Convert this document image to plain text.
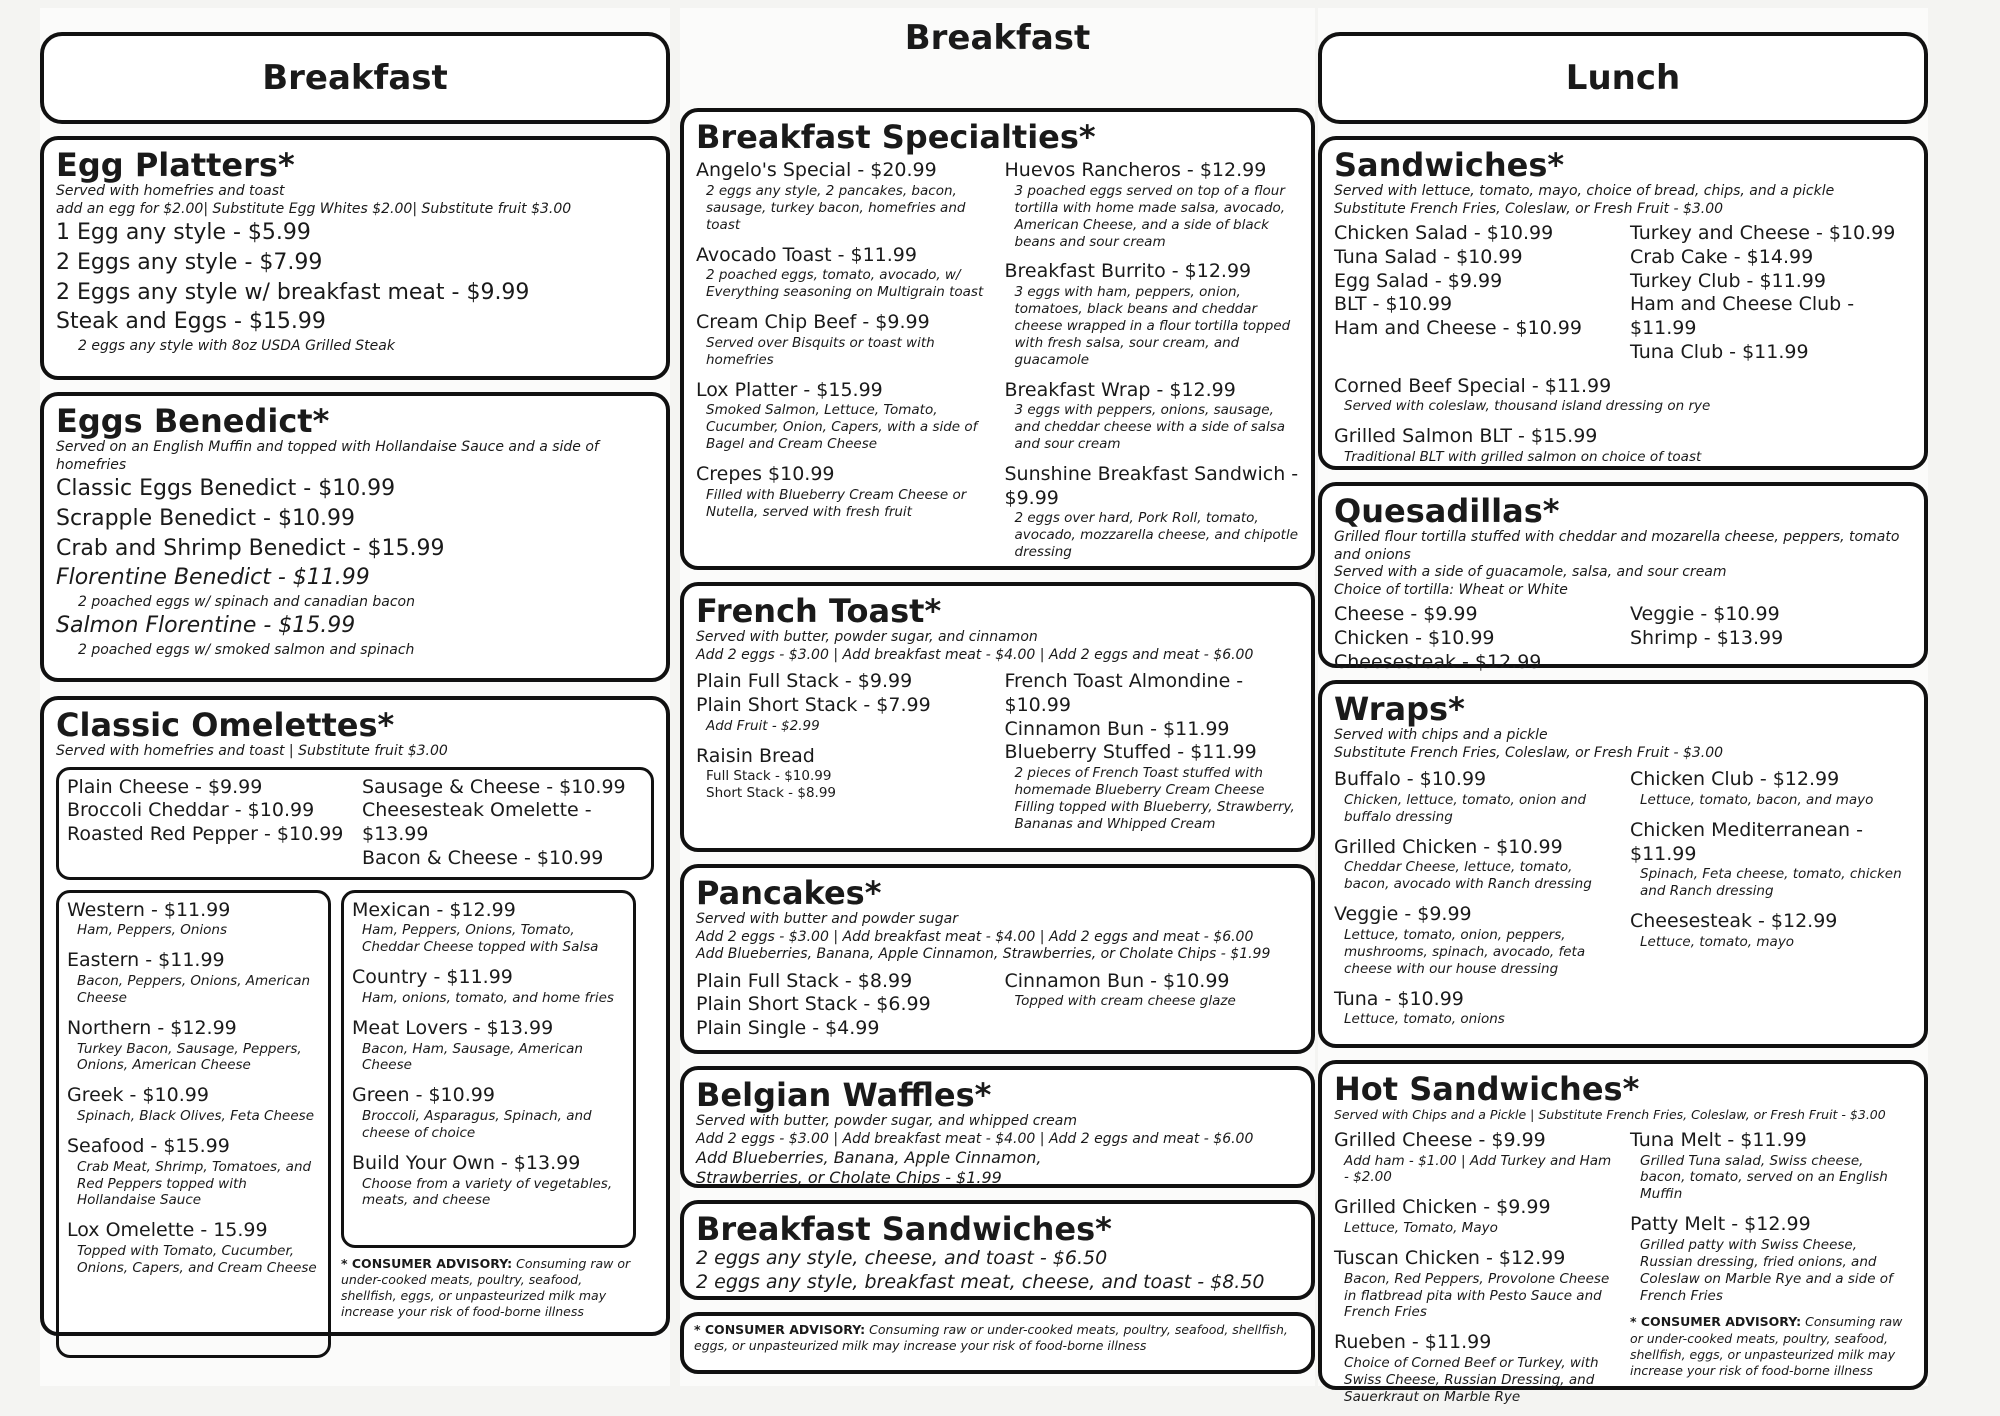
Breakfast
Egg Platters*
Served with homefries and toast
add an egg for $2.00| Substitute Egg Whites $2.00| Substitute fruit $3.00
1 Egg any style - $5.99
2 Eggs any style - $7.99
2 Eggs any style w/ breakfast meat - $9.99
Steak and Eggs - $15.99
2 eggs any style with 8oz USDA Grilled Steak
Eggs Benedict*
Served on an English Muffin and topped with Hollandaise Sauce and a side of homefries
Classic Eggs Benedict - $10.99
Scrapple Benedict - $10.99
Crab and Shrimp Benedict - $15.99
Florentine Benedict - $11.99
2 poached eggs w/ spinach and canadian bacon
Salmon Florentine - $15.99
2 poached eggs w/ smoked salmon and spinach
Classic Omelettes*
Served with homefries and toast | Substitute fruit $3.00
Plain Cheese - $9.99
Broccoli Cheddar - $10.99
Roasted Red Pepper - $10.99
Sausage & Cheese - $10.99
Cheesesteak Omelette - $13.99
Bacon & Cheese - $10.99
Western - $11.99
Ham, Peppers, Onions
Eastern - $11.99
Bacon, Peppers, Onions, American Cheese
Northern - $12.99
Turkey Bacon, Sausage, Peppers, Onions, American Cheese
Greek - $10.99
Spinach, Black Olives, Feta Cheese
Seafood - $15.99
Crab Meat, Shrimp, Tomatoes, and Red Peppers topped with Hollandaise Sauce
Lox Omelette - 15.99
Topped with Tomato, Cucumber, Onions, Capers, and Cream Cheese
Mexican - $12.99
Ham, Peppers, Onions, Tomato, Cheddar Cheese topped with Salsa
Country - $11.99
Ham, onions, tomato, and home fries
Meat Lovers - $13.99
Bacon, Ham, Sausage, American Cheese
Green - $10.99
Broccoli, Asparagus, Spinach, and cheese of choice
Build Your Own - $13.99
Choose from a variety of vegetables, meats, and cheese
* CONSUMER ADVISORY: Consuming raw or under-cooked meats, poultry, seafood, shellfish, eggs, or unpasteurized milk may increase your risk of food-borne illness
Breakfast
Breakfast Specialties*
Angelo's Special - $20.99
2 eggs any style, 2 pancakes, bacon, sausage, turkey bacon, homefries and toast
Avocado Toast - $11.99
2 poached eggs, tomato, avocado, w/ Everything seasoning on Multigrain toast
Cream Chip Beef - $9.99
Served over Bisquits or toast with homefries
Lox Platter - $15.99
Smoked Salmon, Lettuce, Tomato, Cucumber, Onion, Capers, with a side of Bagel and Cream Cheese
Crepes $10.99
Filled with Blueberry Cream Cheese or Nutella, served with fresh fruit
Huevos Rancheros - $12.99
3 poached eggs served on top of a flour tortilla with home made salsa, avocado, American Cheese, and a side of black beans and sour cream
Breakfast Burrito - $12.99
3 eggs with ham, peppers, onion, tomatoes, black beans and cheddar cheese wrapped in a flour tortilla topped with fresh salsa, sour cream, and guacamole
Breakfast Wrap - $12.99
3 eggs with peppers, onions, sausage, and cheddar cheese with a side of salsa and sour cream
Sunshine Breakfast Sandwich - $9.99
2 eggs over hard, Pork Roll, tomato, avocado, mozzarella cheese, and chipotle dressing
French Toast*
Served with butter, powder sugar, and cinnamon
Add 2 eggs - $3.00 | Add breakfast meat - $4.00 | Add 2 eggs and meat - $6.00
Plain Full Stack - $9.99
Plain Short Stack - $7.99
Add Fruit - $2.99
Raisin Bread
Full Stack - $10.99
Short Stack - $8.99
French Toast Almondine - $10.99
Cinnamon Bun - $11.99
Blueberry Stuffed - $11.99
2 pieces of French Toast stuffed with homemade Blueberry Cream Cheese Filling topped with Blueberry, Strawberry, Bananas and Whipped Cream
Pancakes*
Served with butter and powder sugar
Add 2 eggs - $3.00 | Add breakfast meat - $4.00 | Add 2 eggs and meat - $6.00
Add Blueberries, Banana, Apple Cinnamon, Strawberries, or Cholate Chips - $1.99
Plain Full Stack - $8.99
Plain Short Stack - $6.99
Plain Single - $4.99
Cinnamon Bun - $10.99
Topped with cream cheese glaze
Belgian Waffles*
Served with butter, powder sugar, and whipped cream
Add 2 eggs - $3.00 | Add breakfast meat - $4.00 | Add 2 eggs and meat - $6.00
Add Blueberries, Banana, Apple Cinnamon,
Strawberries, or Cholate Chips - $1.99
Breakfast Sandwiches*
2 eggs any style, cheese, and toast - $6.50
2 eggs any style, breakfast meat, cheese, and toast - $8.50
* CONSUMER ADVISORY: Consuming raw or under-cooked meats, poultry, seafood, shellfish, eggs, or unpasteurized milk may increase your risk of food-borne illness
Lunch
Sandwiches*
Served with lettuce, tomato, mayo, choice of bread, chips, and a pickle
Substitute French Fries, Coleslaw, or Fresh Fruit - $3.00
Chicken Salad - $10.99
Tuna Salad - $10.99
Egg Salad - $9.99
BLT - $10.99
Ham and Cheese - $10.99
Turkey and Cheese - $10.99
Crab Cake - $14.99
Turkey Club - $11.99
Ham and Cheese Club - $11.99
Tuna Club - $11.99
Corned Beef Special - $11.99
Served with coleslaw, thousand island dressing on rye
Grilled Salmon BLT - $15.99
Traditional BLT with grilled salmon on choice of toast
Quesadillas*
Grilled flour tortilla stuffed with cheddar and mozarella cheese, peppers, tomato and onions
Served with a side of guacamole, salsa, and sour cream
Choice of tortilla: Wheat or White
Cheese - $9.99
Chicken - $10.99
Cheesesteak - $12.99
Veggie - $10.99
Shrimp - $13.99
Wraps*
Served with chips and a pickle
Substitute French Fries, Coleslaw, or Fresh Fruit - $3.00
Buffalo - $10.99
Chicken, lettuce, tomato, onion and buffalo dressing
Grilled Chicken - $10.99
Cheddar Cheese, lettuce, tomato, bacon, avocado with Ranch dressing
Veggie - $9.99
Lettuce, tomato, onion, peppers, mushrooms, spinach, avocado, feta cheese with our house dressing
Tuna - $10.99
Lettuce, tomato, onions
Chicken Club - $12.99
Lettuce, tomato, bacon, and mayo
Chicken Mediterranean - $11.99
Spinach, Feta cheese, tomato, chicken and Ranch dressing
Cheesesteak - $12.99
Lettuce, tomato, mayo
Hot Sandwiches*
Served with Chips and a Pickle | Substitute French Fries, Coleslaw, or Fresh Fruit - $3.00
Grilled Cheese - $9.99
Add ham - $1.00 | Add Turkey and Ham - $2.00
Grilled Chicken - $9.99
Lettuce, Tomato, Mayo
Tuscan Chicken - $12.99
Bacon, Red Peppers, Provolone Cheese in flatbread pita with Pesto Sauce and French Fries
Rueben - $11.99
Choice of Corned Beef or Turkey, with Swiss Cheese, Russian Dressing, and Sauerkraut on Marble Rye
Tuna Melt - $11.99
Grilled Tuna salad, Swiss cheese, bacon, tomato, served on an English Muffin
Patty Melt - $12.99
Grilled patty with Swiss Cheese, Russian dressing, fried onions, and Coleslaw on Marble Rye and a side of French Fries
* CONSUMER ADVISORY: Consuming raw or under-cooked meats, poultry, seafood, shellfish, eggs, or unpasteurized milk may increase your risk of food-borne illness
